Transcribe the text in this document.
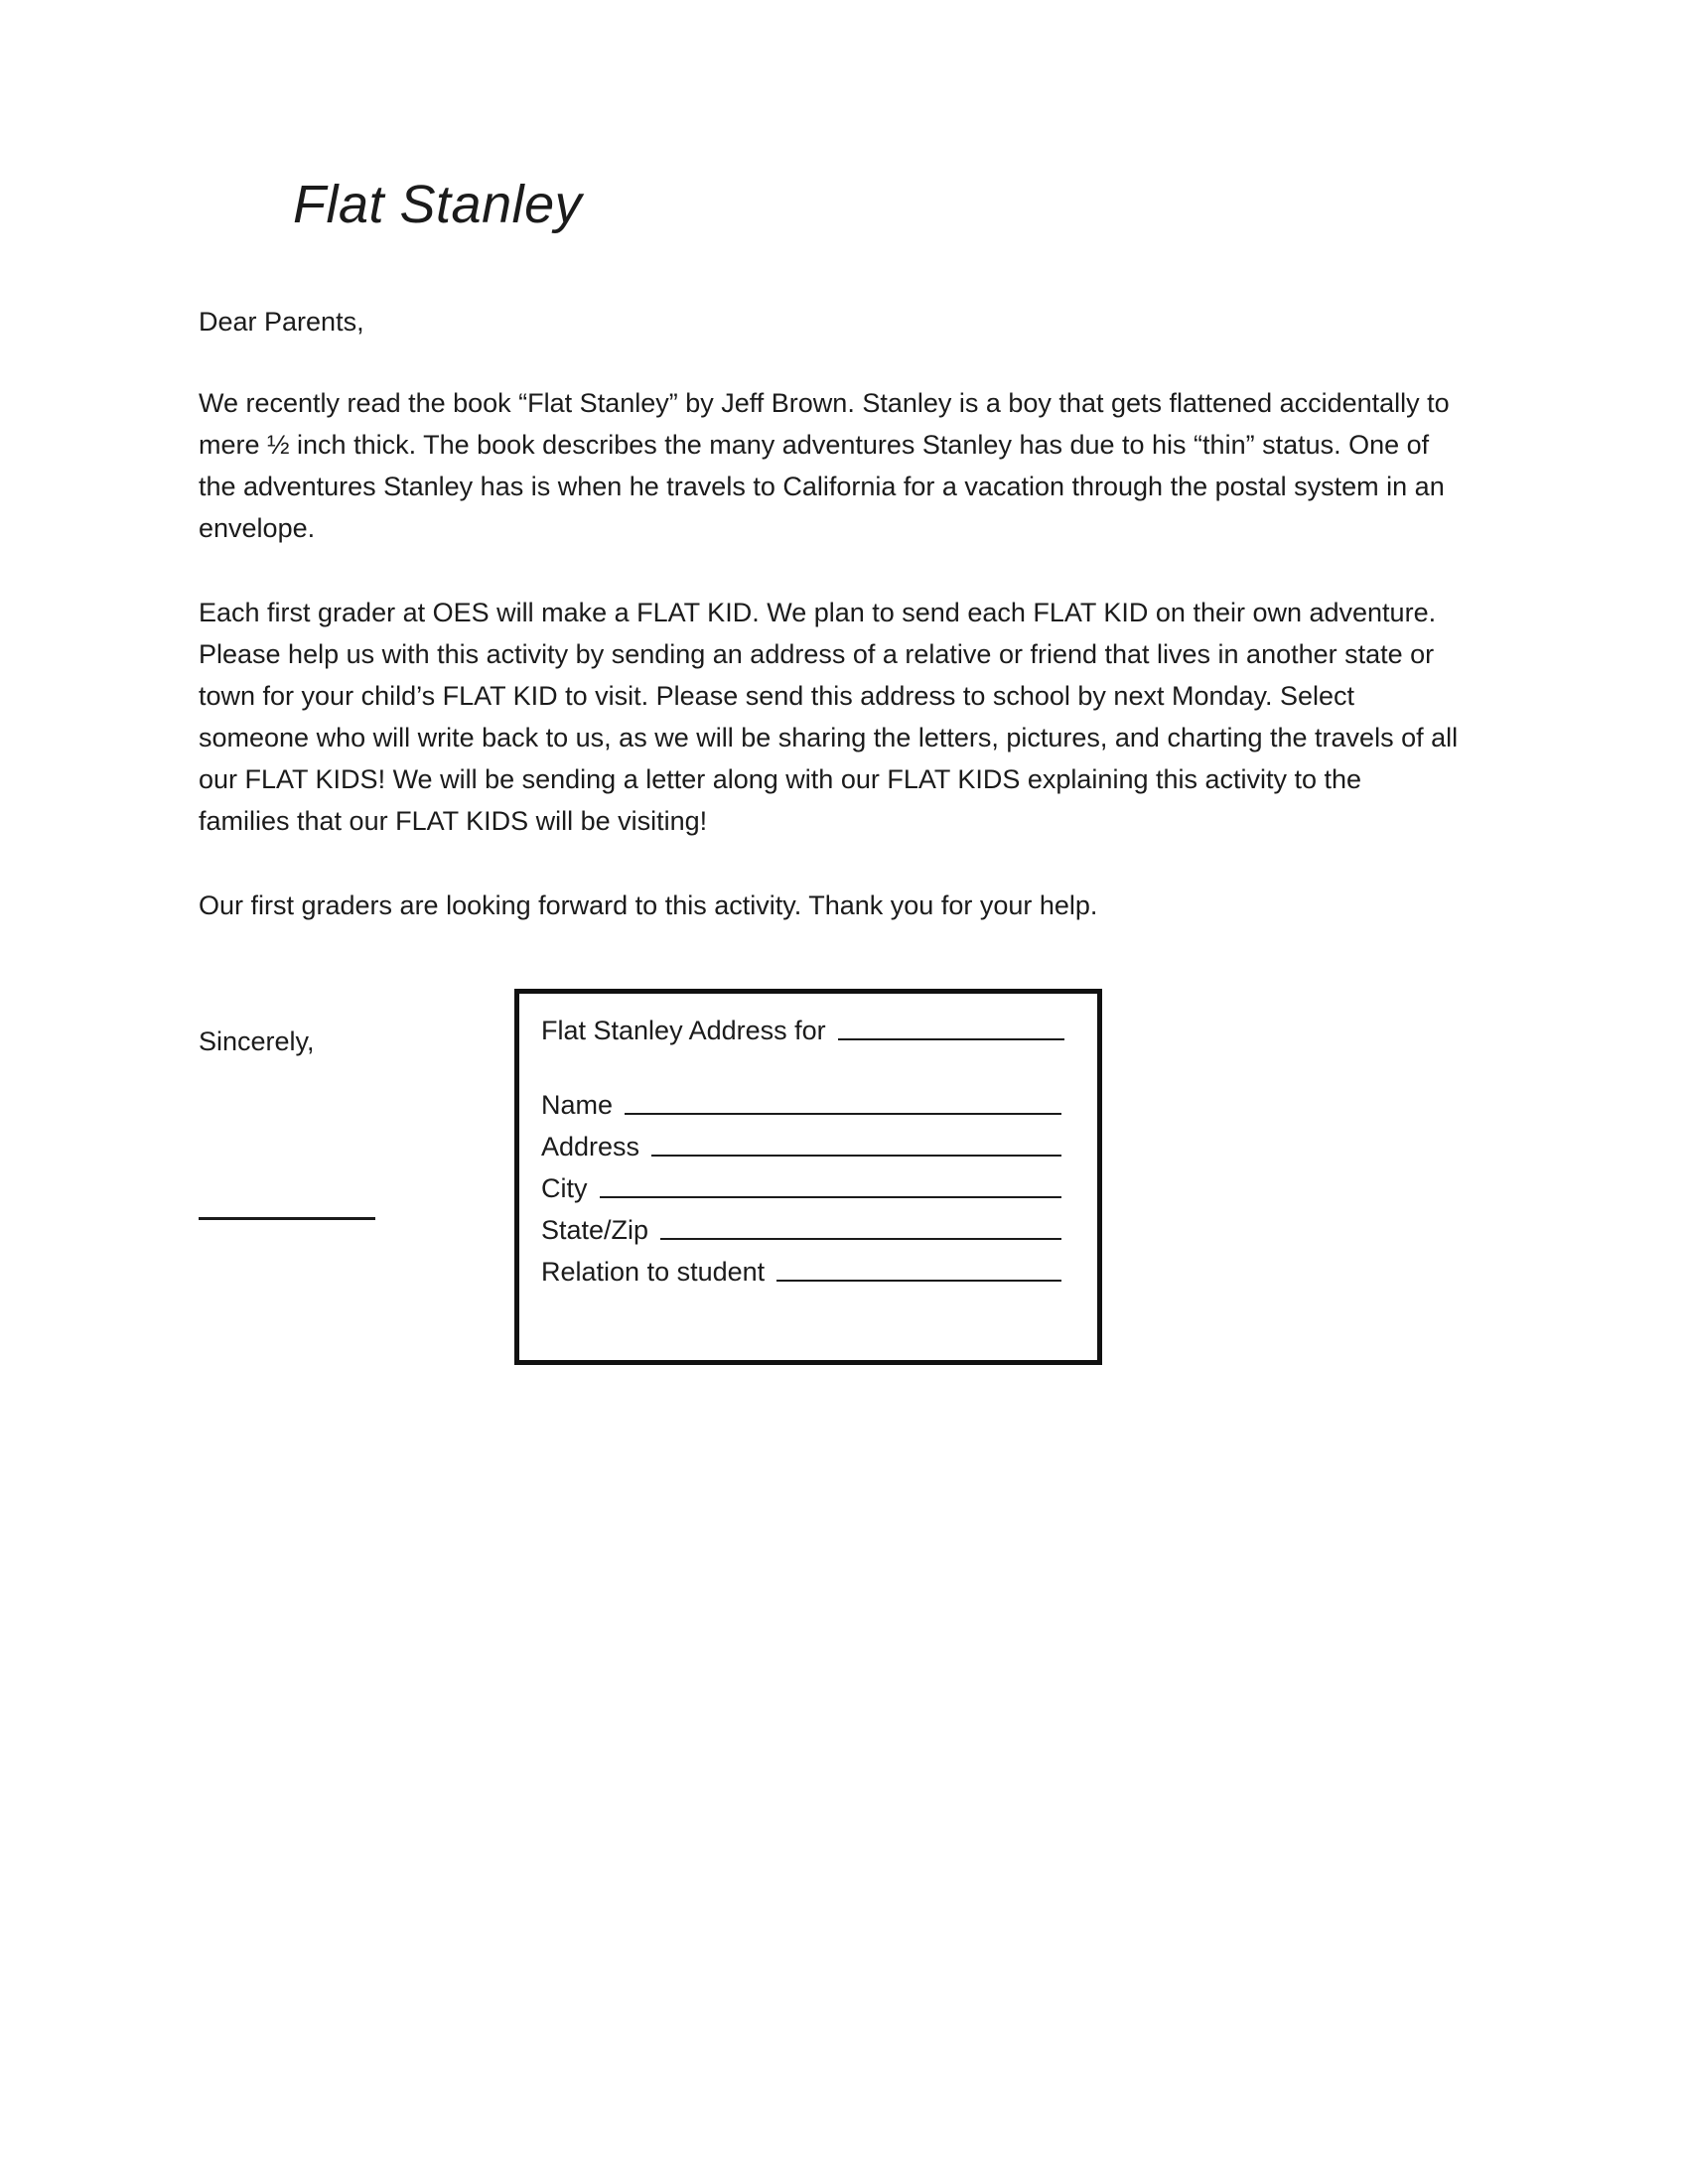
Flat Stanley
Dear Parents,

We recently read the book “Flat Stanley” by Jeff Brown. Stanley is a boy that gets flattened accidentally to mere ½ inch thick. The book describes the many adventures Stanley has due to his “thin” status. One of the adventures Stanley has is when he travels to California for a vacation through the postal system in an envelope.

Each first grader at OES will make a FLAT KID. We plan to send each FLAT KID on their own adventure. Please help us with this activity by sending an address of a relative or friend that lives in another state or town for your child’s FLAT KID to visit. Please send this address to school by next Monday. Select someone who will write back to us, as we will be sharing the letters, pictures, and charting the travels of all our FLAT KIDS! We will be sending a letter along with our FLAT KIDS explaining this activity to the families that our FLAT KIDS will be visiting!

Our first graders are looking forward to this activity. Thank you for your help.

Sincerely,	Flat Stanley Address for
Name
Address
City
State/Zip
Relation to student
